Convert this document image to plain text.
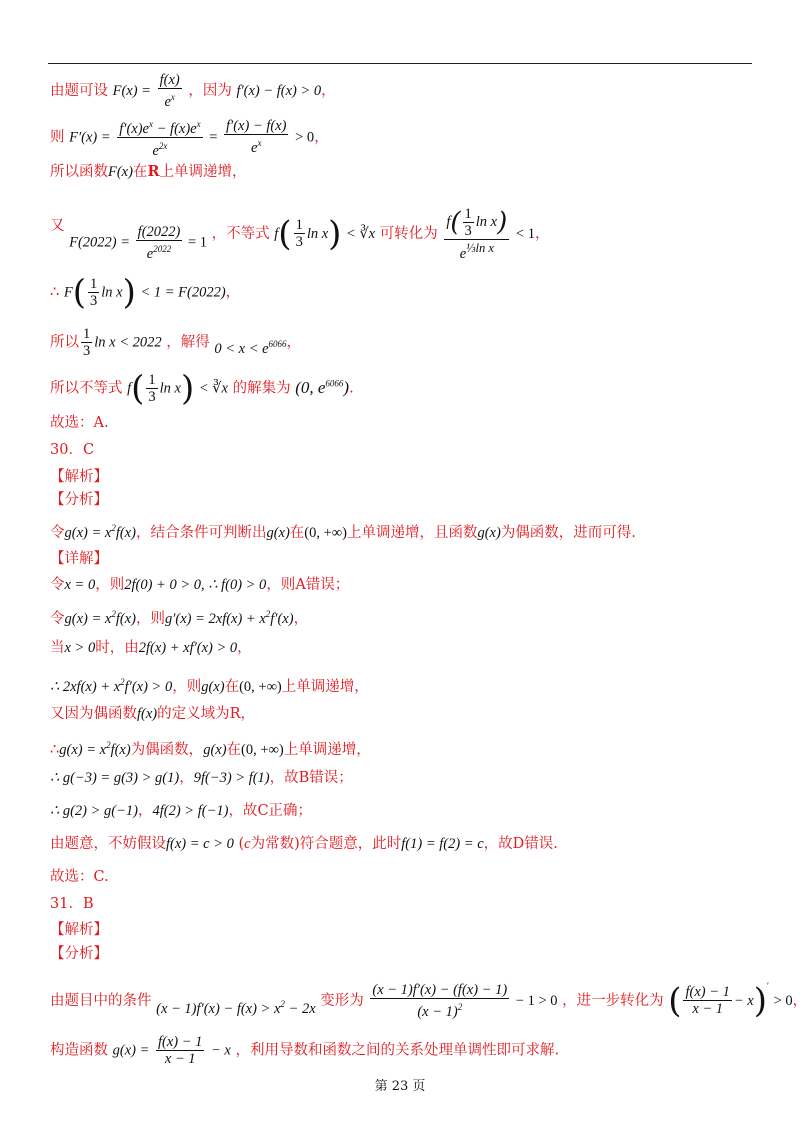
由题可设 $F(x) = \frac{f(x)}{e^x}$ ，因为 f′(x) − f(x) > 0，
则 $F'(x) = \frac{f'(x)e^x - f(x)e^x}{e^{2x}} = \frac{f'(x) - f(x)}{e^x} > 0$，
所以函数F(x)在R上单调递增，
又 $F(2022) = \frac{f(2022)}{e^{2022}} = 1$ ，不等式 $f( \frac{1}{3}$ ln x) < ∛x 可转化为 $\frac{f( \frac{1}{3} \ln x)}{e^{\frac{1}{3}ln x}} < 1$，
∴ $F( \frac{1}{3}$ ln x) < 1 = F(2022)，
所以 $\frac{1}{3}$ ln x < 2022 ，解得 $0 < x < e^{6066}$，
所以不等式 $f( \frac{1}{3}$ ln x) < ∛x 的解集为 (0, $e^{6066}$).
故选：A.
30．C
【解析】
【分析】
令$g(x) = x^2f(x)$，结合条件可判断出g(x)在(0, +∞)上单调递增，且函数g(x)为偶函数，进而可得.
【详解】
令x = 0，则2f(0) + 0 > 0, ∴ f(0) > 0，则A错误；
令$g(x) = x^2f(x)$，则$g'(x) = 2xf(x) + x^2f'(x)$，
当x > 0时，由2f(x) + xf′(x) > 0，
∴ $2xf(x) + x^2f'(x) > 0$，则g(x)在(0, +∞)上单调递增，
又因为偶函数f(x)的定义域为R，
∴g(x) = $x^2f(x)$为偶函数，g(x)在(0, +∞)上单调递增，
∴ g(−3) = g(3) > g(1)，9f(−3) > f(1)，故B错误；
∴ g(2) > g(−1)，4f(2) > f(−1)，故C正确；
由题意，不妨假设f(x) = c > 0 (c为常数)符合题意，此时f(1) = f(2) = c，故D错误.
故选：C.
31．B
【解析】
【分析】
由题目中的条件 $(x - 1)f'(x) - f(x) > x^2 - 2x$ 变形为 $\frac{(x - 1)f'(x) - (f(x) - 1)}{(x - 1)^2} - 1 > 0$ ，进一步转化为 ( $\frac{f(x) - 1}{x - 1} - x)' > 0$，
构造函数 $g(x) = \frac{f(x) - 1}{x - 1} - x$ ，利用导数和函数之间的关系处理单调性即可求解.
第 23 页
